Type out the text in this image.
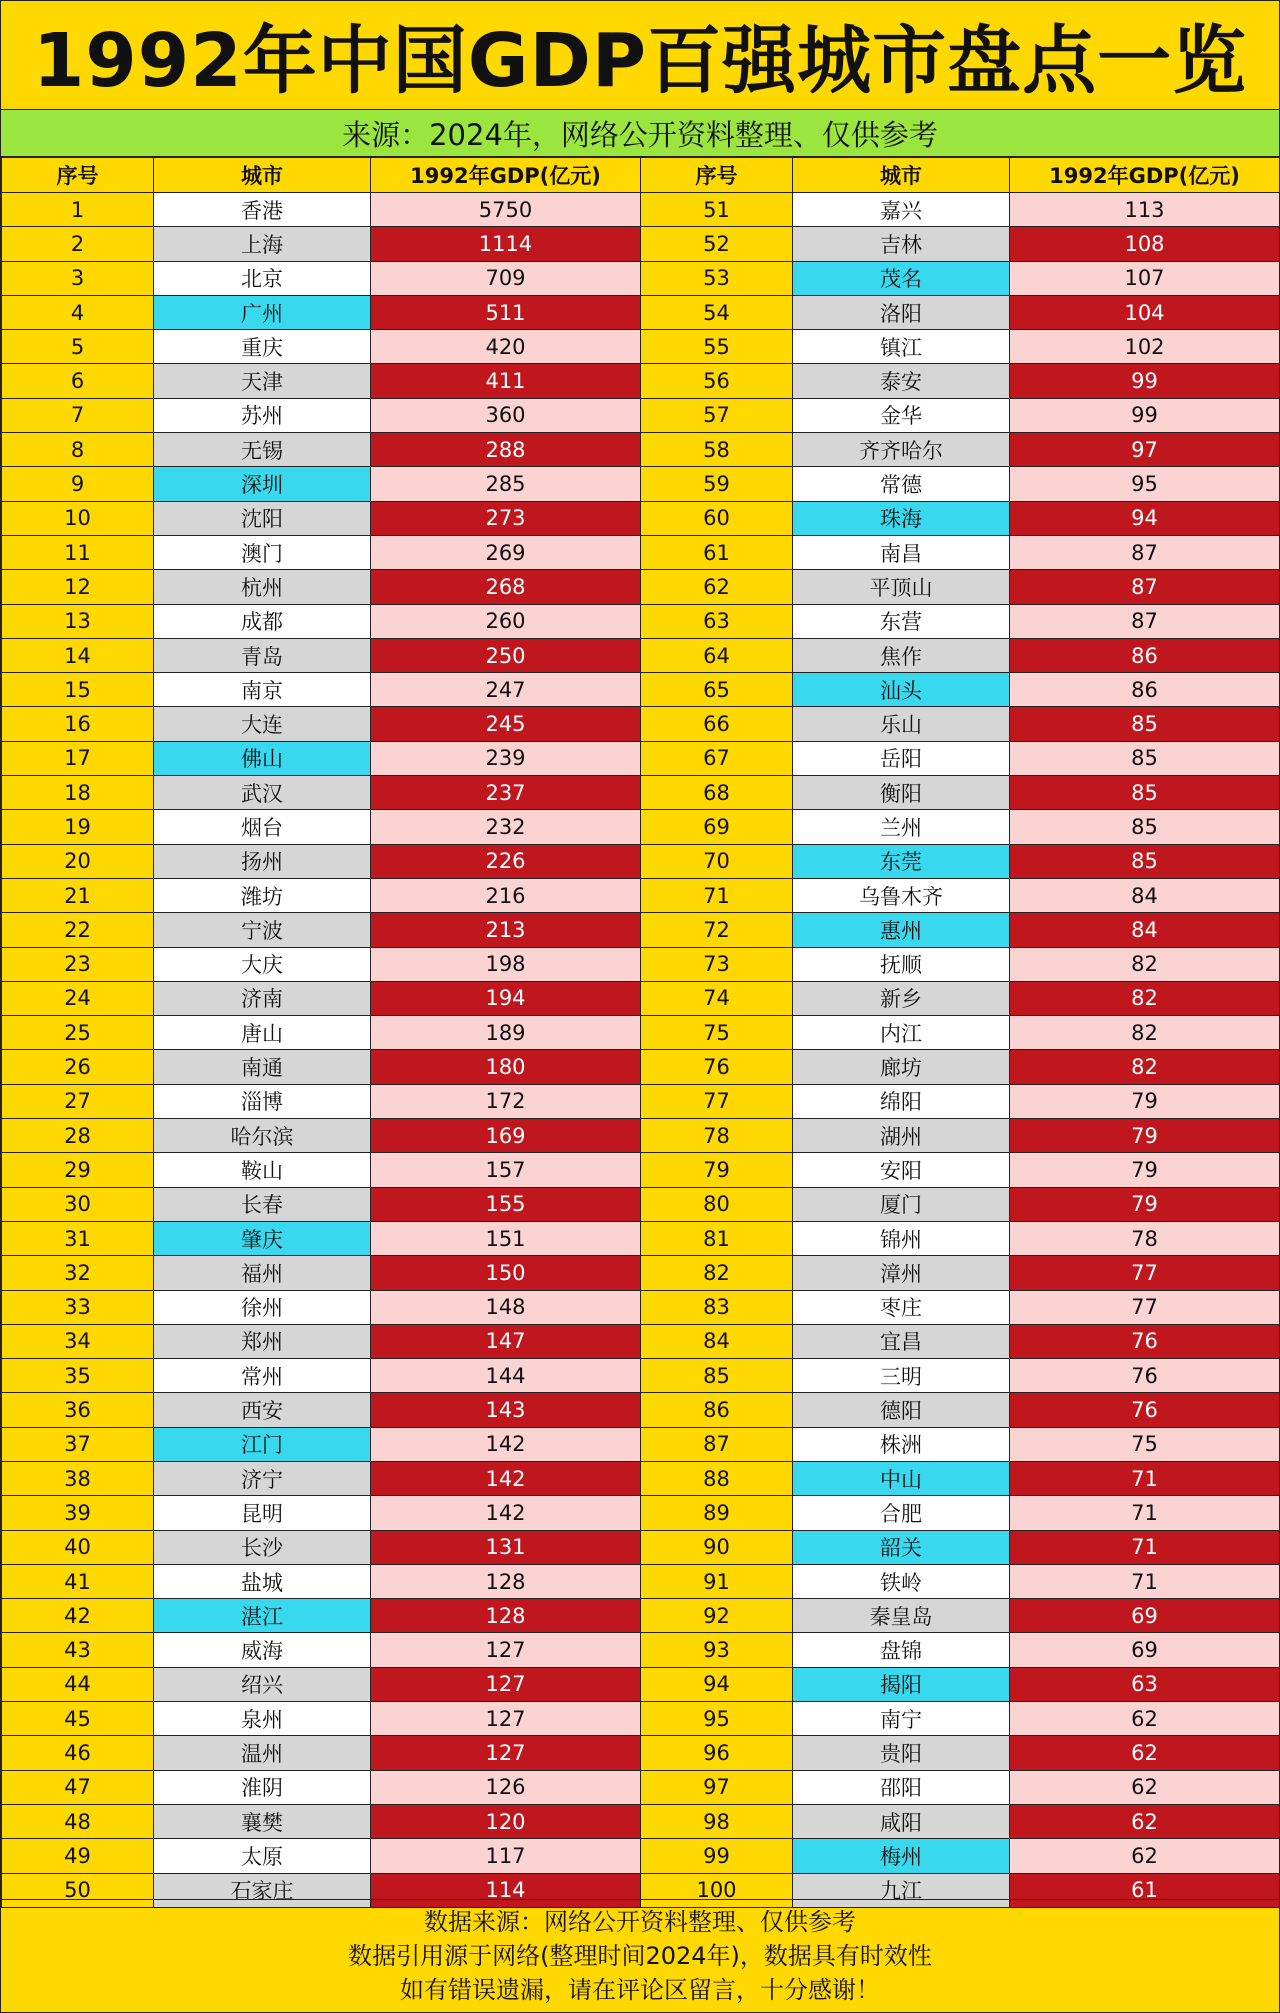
1992年中国GDP百强城市盘点一览
来源：2024年，网络公开资料整理、仅供参考
序号	城市	1992年GDP(亿元)	序号	城市	1992年GDP(亿元)
1	香港	5750	51	嘉兴	113
2	上海	1114	52	吉林	108
3	北京	709	53	茂名	107
4	广州	511	54	洛阳	104
5	重庆	420	55	镇江	102
6	天津	411	56	泰安	99
7	苏州	360	57	金华	99
8	无锡	288	58	齐齐哈尔	97
9	深圳	285	59	常德	95
10	沈阳	273	60	珠海	94
11	澳门	269	61	南昌	87
12	杭州	268	62	平顶山	87
13	成都	260	63	东营	87
14	青岛	250	64	焦作	86
15	南京	247	65	汕头	86
16	大连	245	66	乐山	85
17	佛山	239	67	岳阳	85
18	武汉	237	68	衡阳	85
19	烟台	232	69	兰州	85
20	扬州	226	70	东莞	85
21	潍坊	216	71	乌鲁木齐	84
22	宁波	213	72	惠州	84
23	大庆	198	73	抚顺	82
24	济南	194	74	新乡	82
25	唐山	189	75	内江	82
26	南通	180	76	廊坊	82
27	淄博	172	77	绵阳	79
28	哈尔滨	169	78	湖州	79
29	鞍山	157	79	安阳	79
30	长春	155	80	厦门	79
31	肇庆	151	81	锦州	78
32	福州	150	82	漳州	77
33	徐州	148	83	枣庄	77
34	郑州	147	84	宜昌	76
35	常州	144	85	三明	76
36	西安	143	86	德阳	76
37	江门	142	87	株洲	75
38	济宁	142	88	中山	71
39	昆明	142	89	合肥	71
40	长沙	131	90	韶关	71
41	盐城	128	91	铁岭	71
42	湛江	128	92	秦皇岛	69
43	威海	127	93	盘锦	69
44	绍兴	127	94	揭阳	63
45	泉州	127	95	南宁	62
46	温州	127	96	贵阳	62
47	淮阴	126	97	邵阳	62
48	襄樊	120	98	咸阳	62
49	太原	117	99	梅州	62
50	石家庄	114	100	九江	61
数据来源：网络公开资料整理、仅供参考
数据引用源于网络(整理时间2024年)，数据具有时效性
如有错误遗漏，请在评论区留言，十分感谢！
